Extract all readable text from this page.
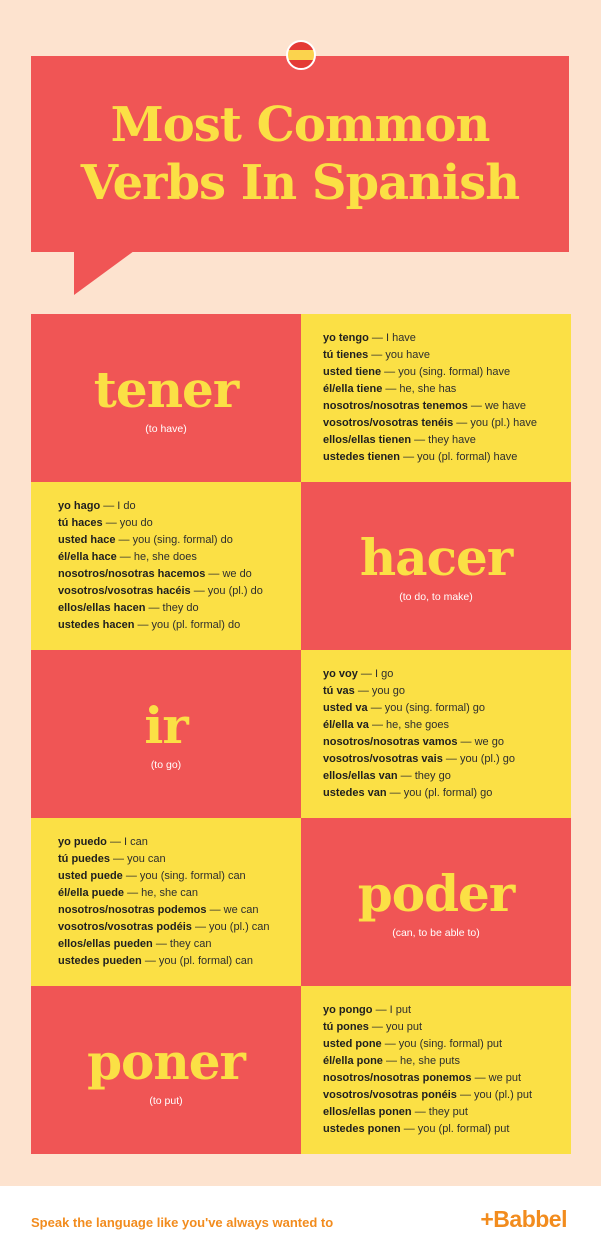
Most Common
Verbs In Spanish
tener
(to have)
yo tengo — I have
tú tienes — you have
usted tiene — you (sing. formal) have
él/ella tiene — he, she has
nosotros/nosotras tenemos — we have
vosotros/vosotras tenéis — you (pl.) have
ellos/ellas tienen — they have
ustedes tienen — you (pl. formal) have
yo hago — I do
tú haces — you do
usted hace — you (sing. formal) do
él/ella hace — he, she does
nosotros/nosotras hacemos — we do
vosotros/vosotras hacéis — you (pl.) do
ellos/ellas hacen — they do
ustedes hacen — you (pl. formal) do
hacer
(to do, to make)
ir
(to go)
yo voy — I go
tú vas — you go
usted va — you (sing. formal) go
él/ella va — he, she goes
nosotros/nosotras vamos — we go
vosotros/vosotras vais — you (pl.) go
ellos/ellas van — they go
ustedes van — you (pl. formal) go
yo puedo — I can
tú puedes — you can
usted puede — you (sing. formal) can
él/ella puede — he, she can
nosotros/nosotras podemos — we can
vosotros/vosotras podéis — you (pl.) can
ellos/ellas pueden — they can
ustedes pueden — you (pl. formal) can
poder
(can, to be able to)
poner
(to put)
yo pongo — I put
tú pones — you put
usted pone — you (sing. formal) put
él/ella pone — he, she puts
nosotros/nosotras ponemos — we put
vosotros/vosotras ponéis — you (pl.) put
ellos/ellas ponen — they put
ustedes ponen — you (pl. formal) put
Speak the language like you've always wanted to	+Babbel
